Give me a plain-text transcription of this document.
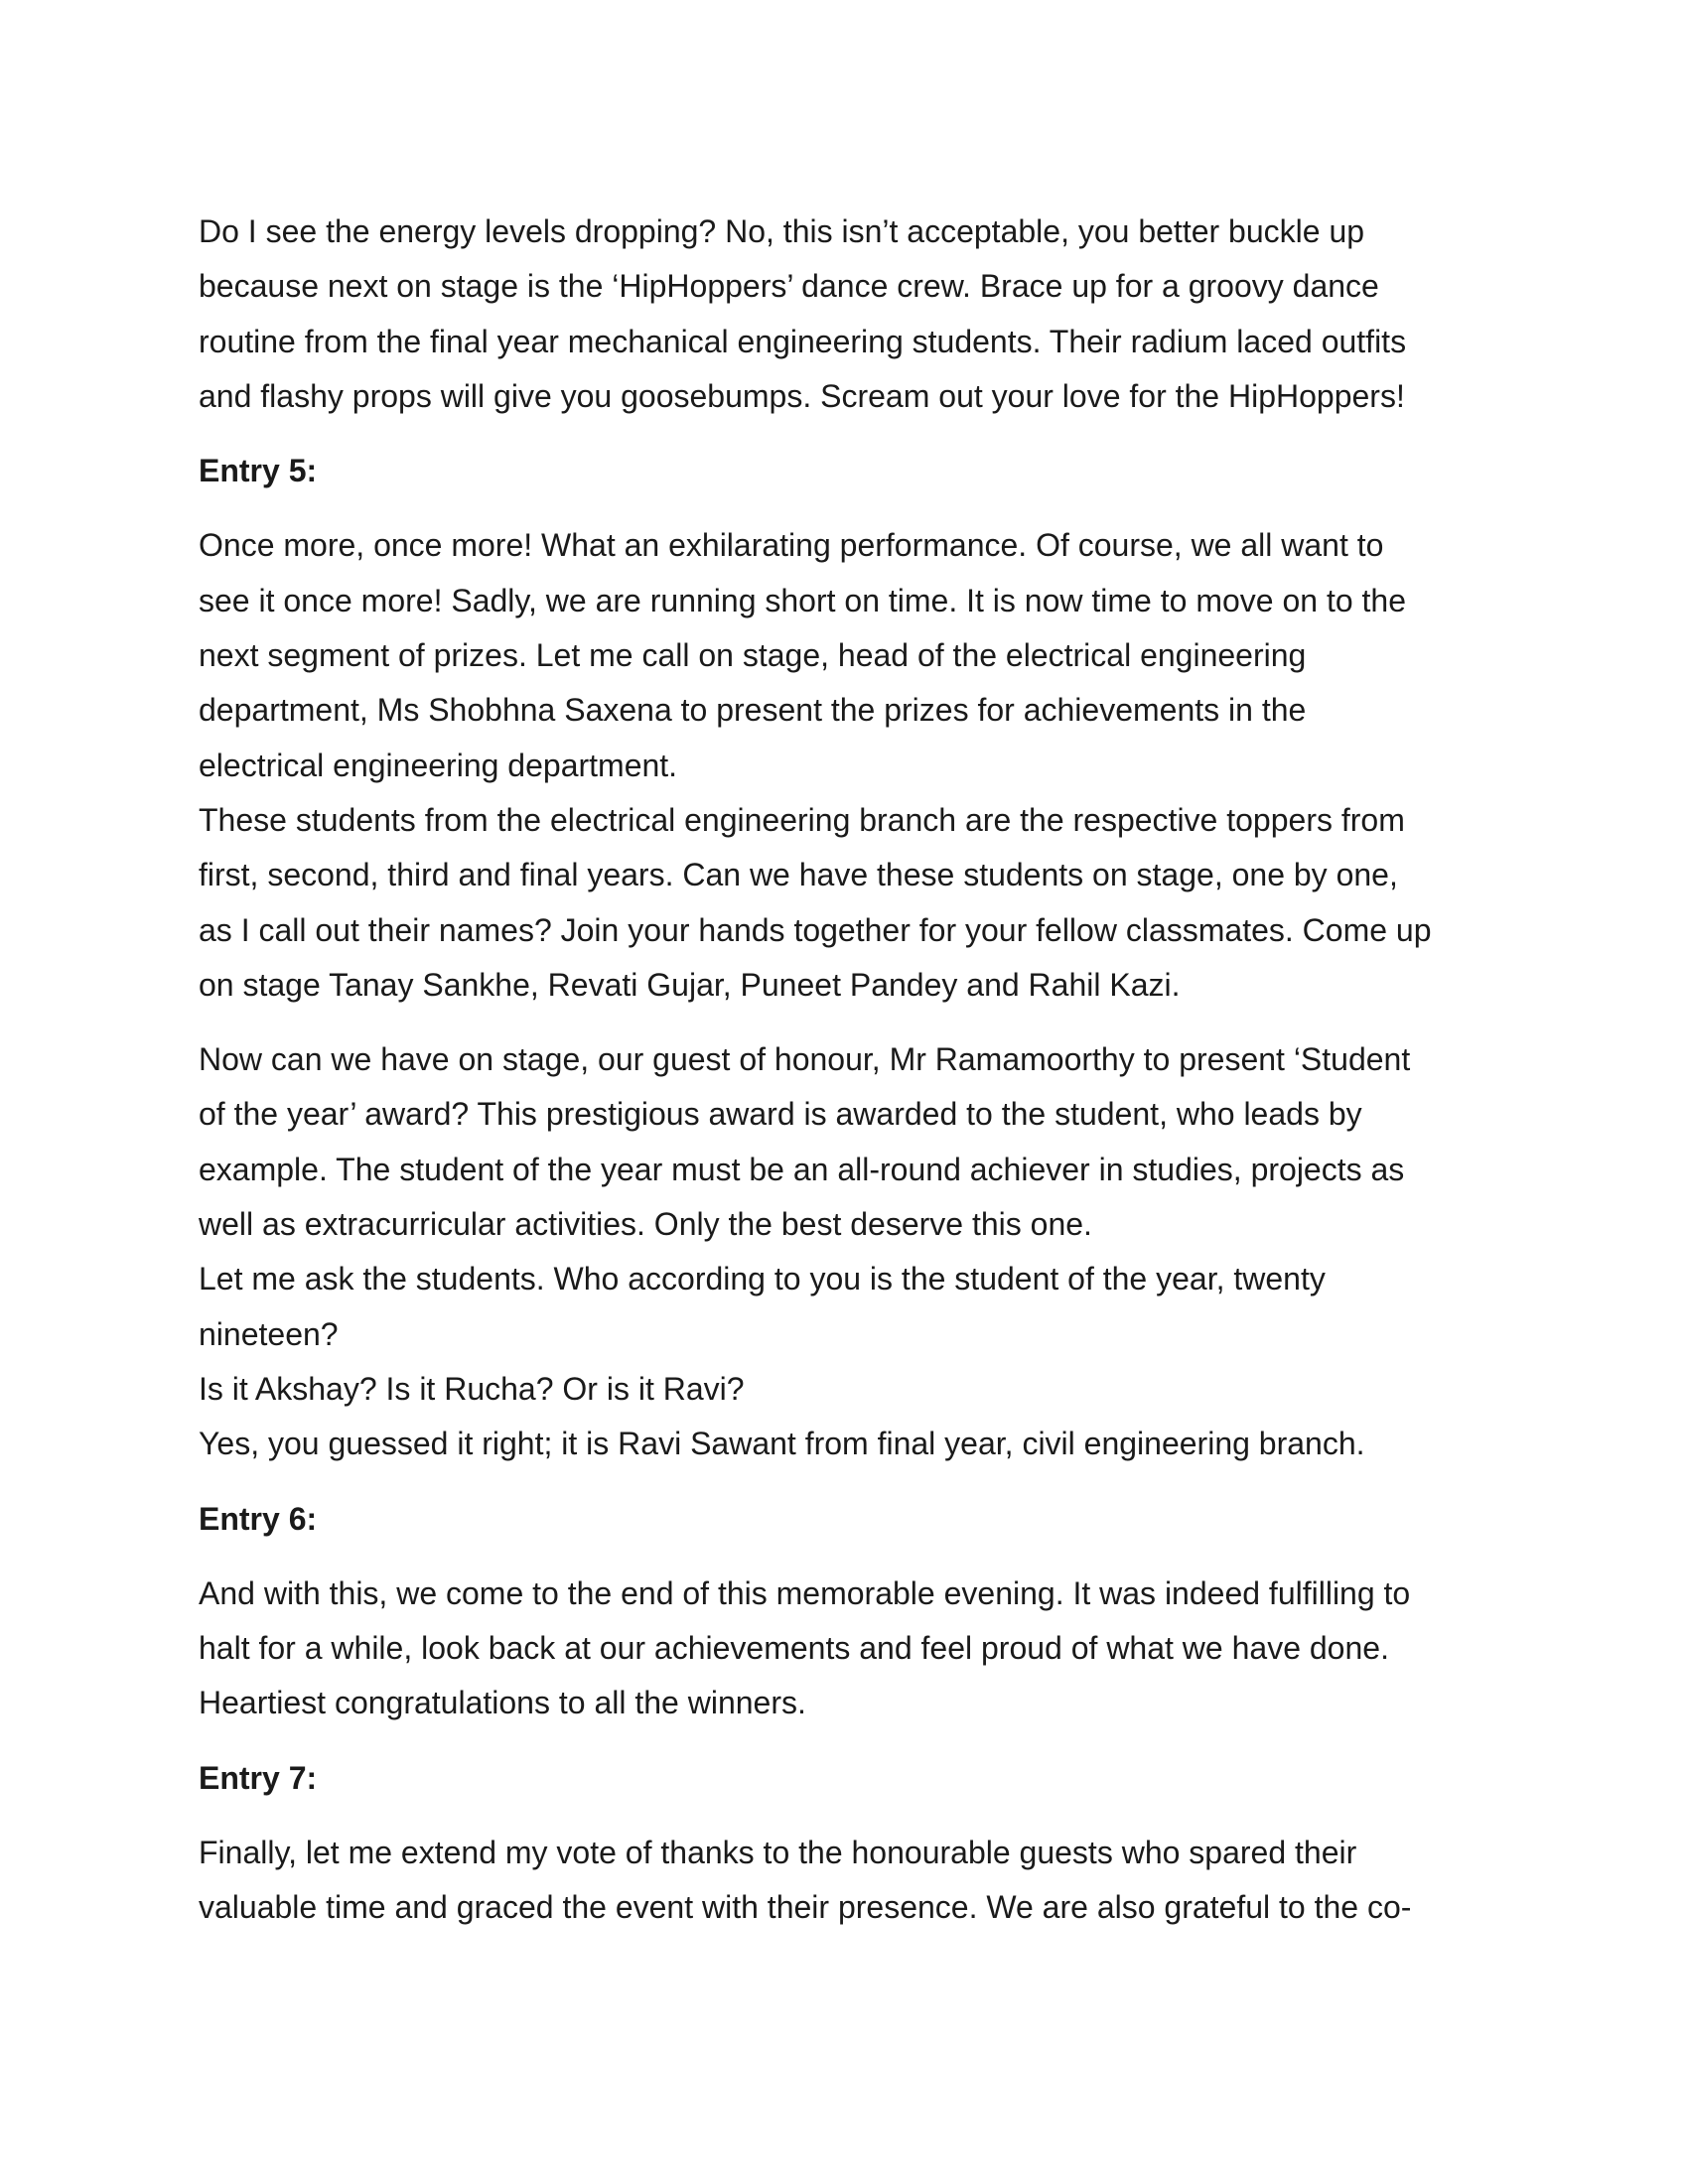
Do I see the energy levels dropping? No, this isn’t acceptable, you better buckle up
because next on stage is the ‘HipHoppers’ dance crew. Brace up for a groovy dance
routine from the final year mechanical engineering students. Their radium laced outfits
and flashy props will give you goosebumps. Scream out your love for the HipHoppers!
Entry 5:
Once more, once more! What an exhilarating performance. Of course, we all want to
see it once more! Sadly, we are running short on time. It is now time to move on to the
next segment of prizes. Let me call on stage, head of the electrical engineering
department, Ms Shobhna Saxena to present the prizes for achievements in the
electrical engineering department.
These students from the electrical engineering branch are the respective toppers from
first, second, third and final years. Can we have these students on stage, one by one,
as I call out their names? Join your hands together for your fellow classmates. Come up
on stage Tanay Sankhe, Revati Gujar, Puneet Pandey and Rahil Kazi.
Now can we have on stage, our guest of honour, Mr Ramamoorthy to present ‘Student
of the year’ award? This prestigious award is awarded to the student, who leads by
example. The student of the year must be an all-round achiever in studies, projects as
well as extracurricular activities. Only the best deserve this one.
Let me ask the students. Who according to you is the student of the year, twenty
nineteen?
Is it Akshay? Is it Rucha? Or is it Ravi?
Yes, you guessed it right; it is Ravi Sawant from final year, civil engineering branch.
Entry 6:
And with this, we come to the end of this memorable evening. It was indeed fulfilling to
halt for a while, look back at our achievements and feel proud of what we have done.
Heartiest congratulations to all the winners.
Entry 7:
Finally, let me extend my vote of thanks to the honourable guests who spared their
valuable time and graced the event with their presence. We are also grateful to the co-
